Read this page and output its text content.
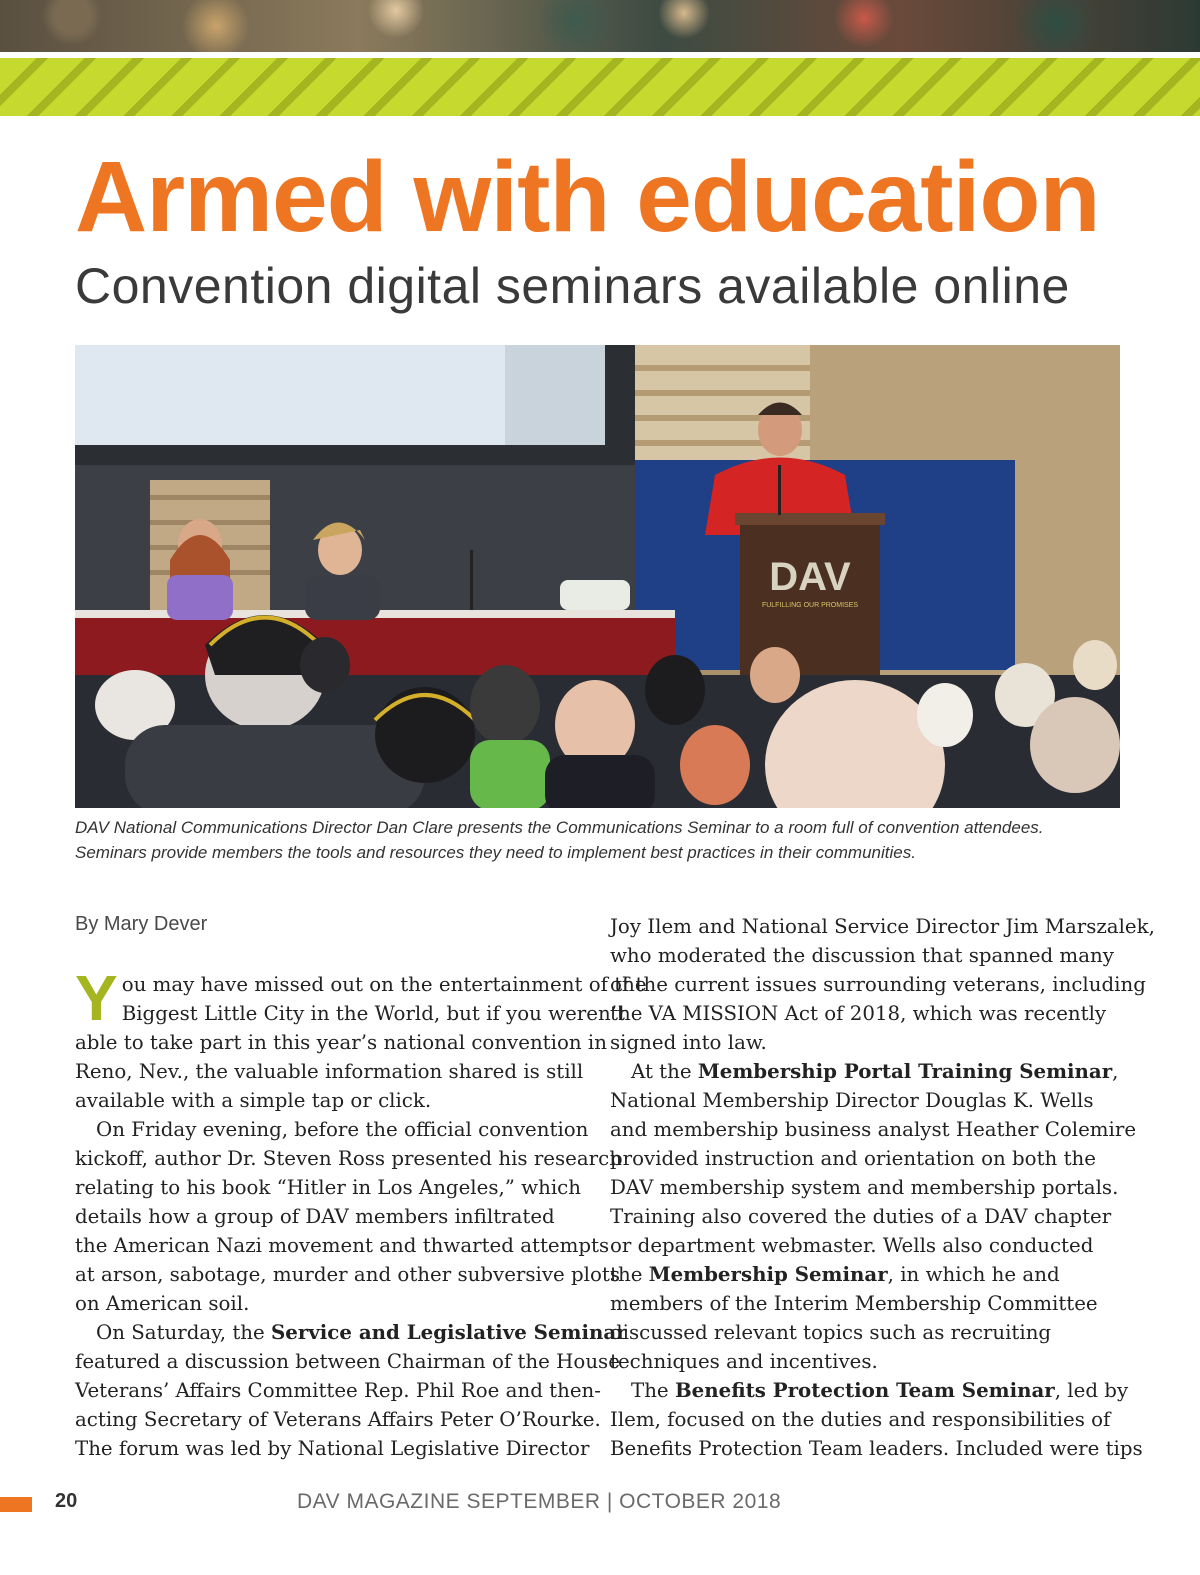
Armed with education
Convention digital seminars available online
DAV
FULFILLING OUR PROMISES
DAV National Communications Director Dan Clare presents the Communications Seminar to a room full of convention attendees.
Seminars provide members the tools and resources they need to implement best practices in their communities.
By Mary Dever

Y ou may have missed out on the entertainment of the
Biggest Little City in the World, but if you weren’t
able to take part in this year’s national convention in
Reno, Nev., the valuable information shared is still
available with a simple tap or click.

On Friday evening, before the official convention
kickoff, author Dr. Steven Ross presented his research
relating to his book “Hitler in Los Angeles,” which
details how a group of DAV members infiltrated
the American Nazi movement and thwarted attempts
at arson, sabotage, murder and other subversive plots
on American soil.

On Saturday, the Service and Legislative Seminar
featured a discussion between Chairman of the House
Veterans’ Affairs Committee Rep. Phil Roe and then-
acting Secretary of Veterans Affairs Peter O’Rourke.
The forum was led by National Legislative Director

Joy Ilem and National Service Director Jim Marszalek,
who moderated the discussion that spanned many
of the current issues surrounding veterans, including
the VA MISSION Act of 2018, which was recently
signed into law.

At the Membership Portal Training Seminar,
National Membership Director Douglas K. Wells
and membership business analyst Heather Colemire
provided instruction and orientation on both the
DAV membership system and membership portals.
Training also covered the duties of a DAV chapter
or department webmaster. Wells also conducted
the Membership Seminar, in which he and
members of the Interim Membership Committee
discussed relevant topics such as recruiting
techniques and incentives.

The Benefits Protection Team Seminar, led by
Ilem, focused on the duties and responsibilities of
Benefits Protection Team leaders. Included were tips

20	DAV MAGAZINE SEPTEMBER | OCTOBER 2018
